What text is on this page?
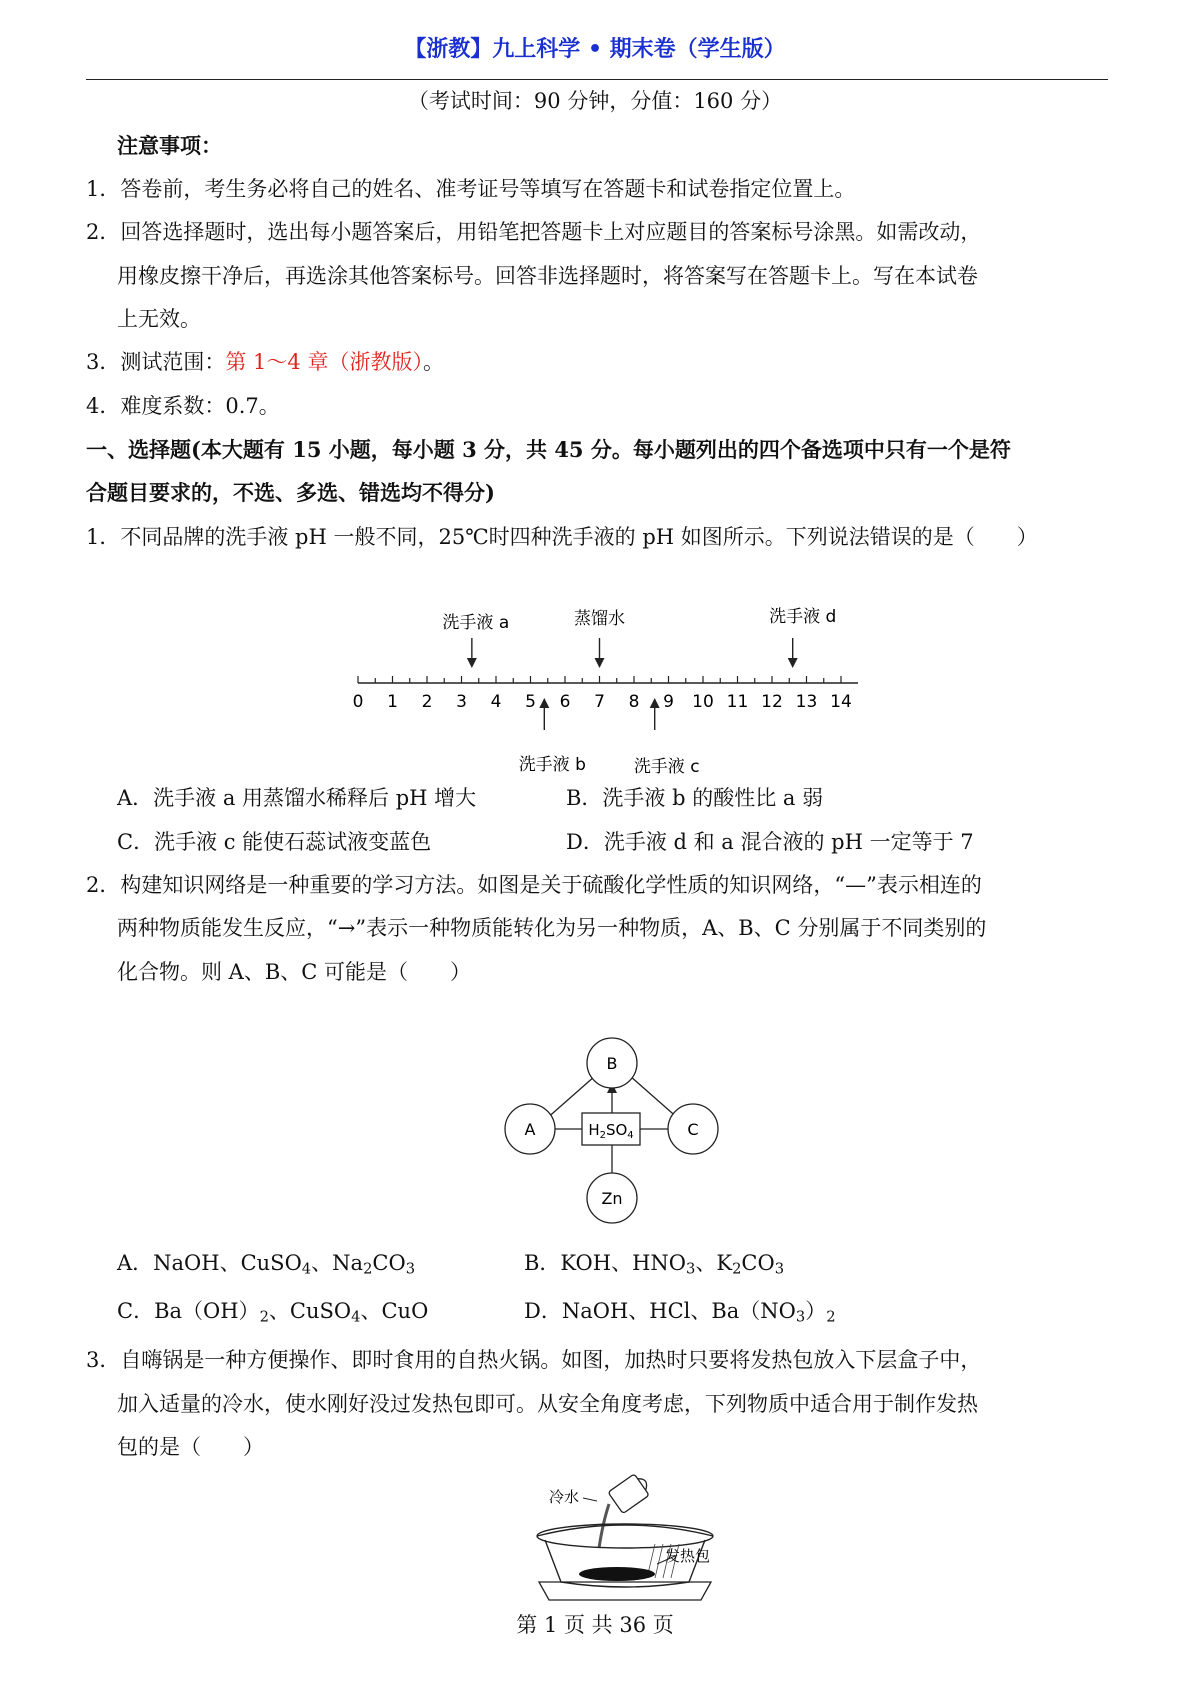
【浙教】九上科学 • 期末卷（学生版）
（考试时间：90 分钟，分值：160 分）
注意事项：
1．答卷前，考生务必将自己的姓名、准考证号等填写在答题卡和试卷指定位置上。
2．回答选择题时，选出每小题答案后，用铅笔把答题卡上对应题目的答案标号涂黑。如需改动，
用橡皮擦干净后，再选涂其他答案标号。回答非选择题时，将答案写在答题卡上。写在本试卷
上无效。
3．测试范围：第 1～4 章（浙教版）。
4．难度系数：0.7。
一、选择题(本大题有 15 小题，每小题 3 分，共 45 分。每小题列出的四个备选项中只有一个是符
合题目要求的，不选、多选、错选均不得分)
1．不同品牌的洗手液 pH 一般不同，25℃时四种洗手液的 pH 如图所示。下列说法错误的是（　　）
洗手液 a	蒸馏水	洗手液 d
洗手液 b	洗手液 c
0 1 2 3 4 5 6 7 8 9 10 11 12 13 14
A．洗手液 a 用蒸馏水稀释后 pH 增大	B．洗手液 b 的酸性比 a 弱
C．洗手液 c 能使石蕊试液变蓝色	D．洗手液 d 和 a 混合液的 pH 一定等于 7
2．构建知识网络是一种重要的学习方法。如图是关于硫酸化学性质的知识网络，“—”表示相连的
两种物质能发生反应，“→”表示一种物质能转化为另一种物质，A、B、C 分别属于不同类别的
化合物。则 A、B、C 可能是（　　）
B
A	C
Zn
$H_2SO_4$
A．NaOH、CuSO$_4$、$Na_2CO_3$	B．KOH、$HNO_3$、$K_2CO_3$
C．$Ba(OH)_2$、CuSO$_4$、CuO	D．NaOH、HCl、$Ba(NO_3)_2$
3．自嗨锅是一种方便操作、即时食用的自热火锅。如图，加热时只要将发热包放入下层盒子中，
加入适量的冷水，使水刚好没过发热包即可。从安全角度考虑，下列物质中适合用于制作发热
包的是（　　）
冷水
发热包
第 1 页 共 36 页
